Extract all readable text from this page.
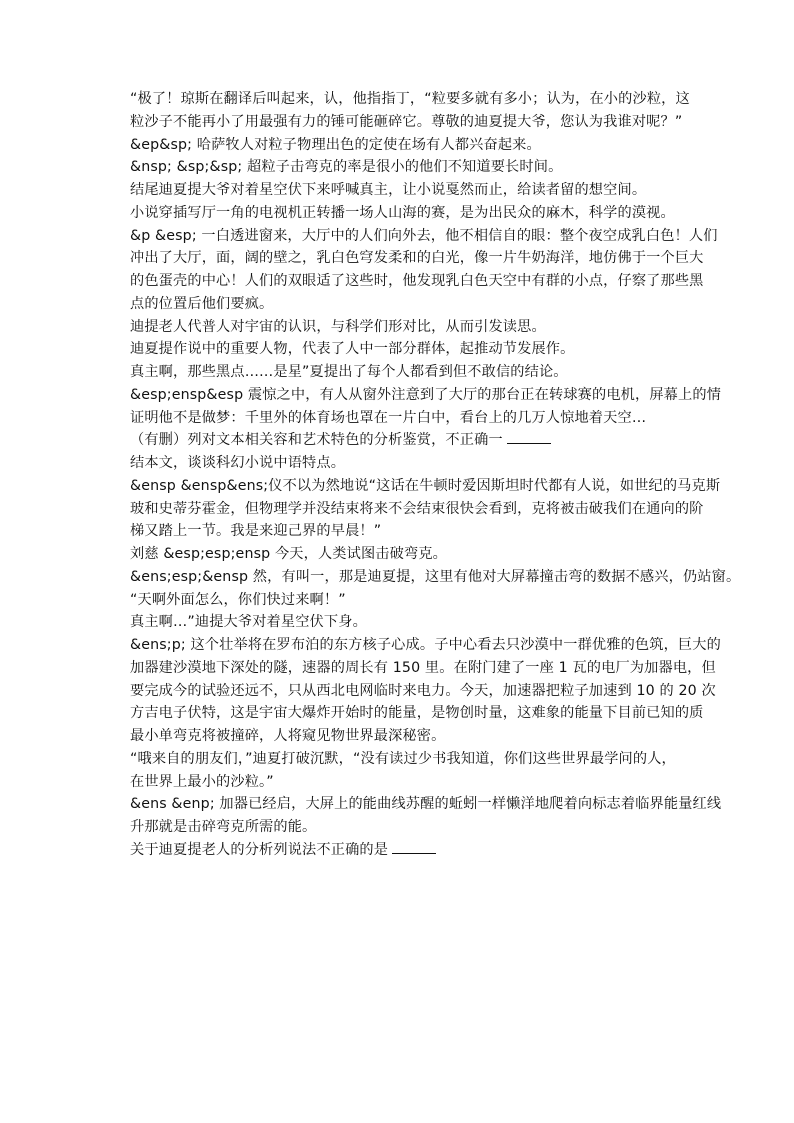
“极了！琼斯在翻译后叫起来，认，他指指丁，“粒要多就有多小；认为，在小的沙粒，这
粒沙子不能再小了用最强有力的锤可能砸碎它。尊敬的迪夏提大爷，您认为我谁对呢？”
&ep&sp; 哈萨牧人对粒子物理出色的定使在场有人都兴奋起来。
&nsp; &sp;&sp; 超粒子击弯克的率是很小的他们不知道要长时间。
结尾迪夏提大爷对着星空伏下来呼喊真主，让小说戛然而止，给读者留的想空间。
小说穿插写厅一角的电视机正转播一场人山海的赛，是为出民众的麻木，科学的漠视。
&p &esp; 一白透进窗来，大厅中的人们向外去，他不相信自的眼：整个夜空成乳白色！人们
冲出了大厅，面，阔的壁之，乳白色穹发柔和的白光，像一片牛奶海洋，地仿佛于一个巨大
的色蛋壳的中心！人们的双眼适了这些时，他发现乳白色天空中有群的小点，仔察了那些黑
点的位置后他们要疯。
迪提老人代普人对宇宙的认识，与科学们形对比，从而引发读思。
迪夏提作说中的重要人物，代表了人中一部分群体，起推动节发展作。
真主啊，那些黑点……是星”夏提出了每个人都看到但不敢信的结论。
&esp;ensp&esp 震惊之中，有人从窗外注意到了大厅的那台正在转球赛的电机，屏幕上的情
证明他不是做梦：千里外的体育场也罩在一片白中，看台上的几万人惊地着天空…
（有删）列对文本相关容和艺术特色的分析鉴赏，不正确一
结本文，谈谈科幻小说中语特点。
&ensp &ensp&ens;仪不以为然地说“这话在牛顿时爱因斯坦时代都有人说，如世纪的马克斯
玻和史蒂芬霍金，但物理学并没结束将来不会结束很快会看到，克将被击破我们在通向的阶
梯又踏上一节。我是来迎己界的早晨！”
刘慈 &esp;esp;ensp 今天，人类试图击破弯克。
&ens;esp;&ensp 然，有叫一，那是迪夏提，这里有他对大屏幕撞击弯的数据不感兴，仍站窗。
“天啊外面怎么，你们快过来啊！”
真主啊…”迪提大爷对着星空伏下身。
&ens;p; 这个壮举将在罗布泊的东方核子心成。子中心看去只沙漠中一群优雅的色筑，巨大的
加器建沙漠地下深处的隧，速器的周长有 150 里。在附门建了一座 1 瓦的电厂为加器电，但
要完成今的试验还远不，只从西北电网临时来电力。今天，加速器把粒子加速到 10 的 20 次
方吉电子伏特，这是宇宙大爆炸开始时的能量，是物创时量，这难象的能量下目前已知的质
最小单弯克将被撞碎，人将窥见物世界最深秘密。
“哦来自的朋友们，”迪夏打破沉默，“没有读过少书我知道，你们这些世界最学问的人，
在世界上最小的沙粒。”
&ens &enp; 加器已经启，大屏上的能曲线苏醒的蚯蚓一样懒洋地爬着向标志着临界能量红线
升那就是击碎弯克所需的能。
关于迪夏提老人的分析列说法不正确的是
